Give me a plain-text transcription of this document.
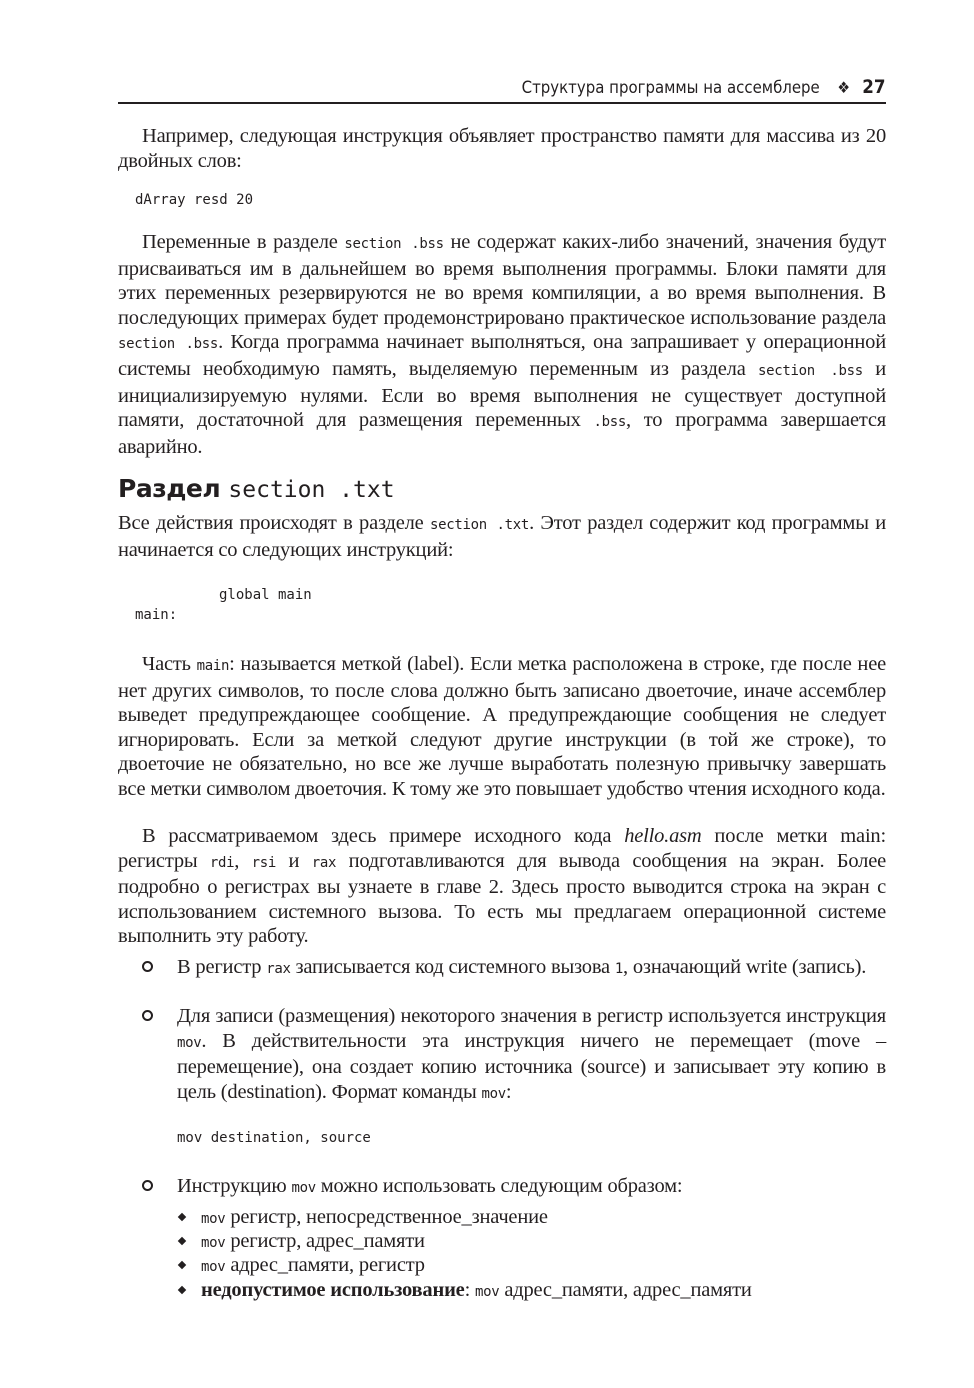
Структура программы на ассемблере ❖ 27

Например, следующая инструкция объявляет пространство памяти для массива из 20 двойных слов:

dArray resd 20

Переменные в разделе section .bss не содержат каких-либо значений, значения будут присваиваться им в дальнейшем во время выполнения программы. Блоки памяти для этих переменных резервируются не во время компиляции, а во время выполнения. В последующих примерах будет продемонстрировано практическое использование раздела section .bss. Когда программа начинает выполняться, она запрашивает у операционной системы необходимую память, выделяемую переменным из раздела section .bss и инициализируемую нулями. Если во время выполнения не существует доступной памяти, достаточной для размещения переменных .bss, то программа завершается аварийно.

Раздел section .txt

Все действия происходят в разделе section .txt. Этот раздел содержит код программы и начинается со следующих инструкций:

global main
main:

Часть main: называется меткой (label). Если метка расположена в строке, где после нее нет других символов, то после слова должно быть записано двоеточие, иначе ассемблер выведет предупреждающее сообщение. А предупреждающие сообщения не следует игнорировать. Если за меткой следуют другие инструкции (в той же строке), то двоеточие не обязательно, но все же лучше выработать полезную привычку завершать все метки символом двоеточия. К тому же это повышает удобство чтения исходного кода.

В рассматриваемом здесь примере исходного кода hello.asm после метки main: регистры rdi, rsi и rax подготавливаются для вывода сообщения на экран. Более подробно о регистрах вы узнаете в главе 2. Здесь просто выводится строка на экран с использованием системного вызова. То есть мы предлагаем операционной системе выполнить эту работу.

В регистр rax записывается код системного вызова 1, означающий write (запись).
Для записи (размещения) некоторого значения в регистр используется инструкция mov. В действительности эта инструкция ничего не перемещает (move – перемещение), она создает копию источника (source) и записывает эту копию в цель (destination). Формат команды mov:
mov destination, source
Инструкцию mov можно использовать следующим образом:
mov регистр, непосредственное_значение
mov регистр, адрес_памяти
mov адрес_памяти, регистр
недопустимое использование: mov адрес_памяти, адрес_памяти
